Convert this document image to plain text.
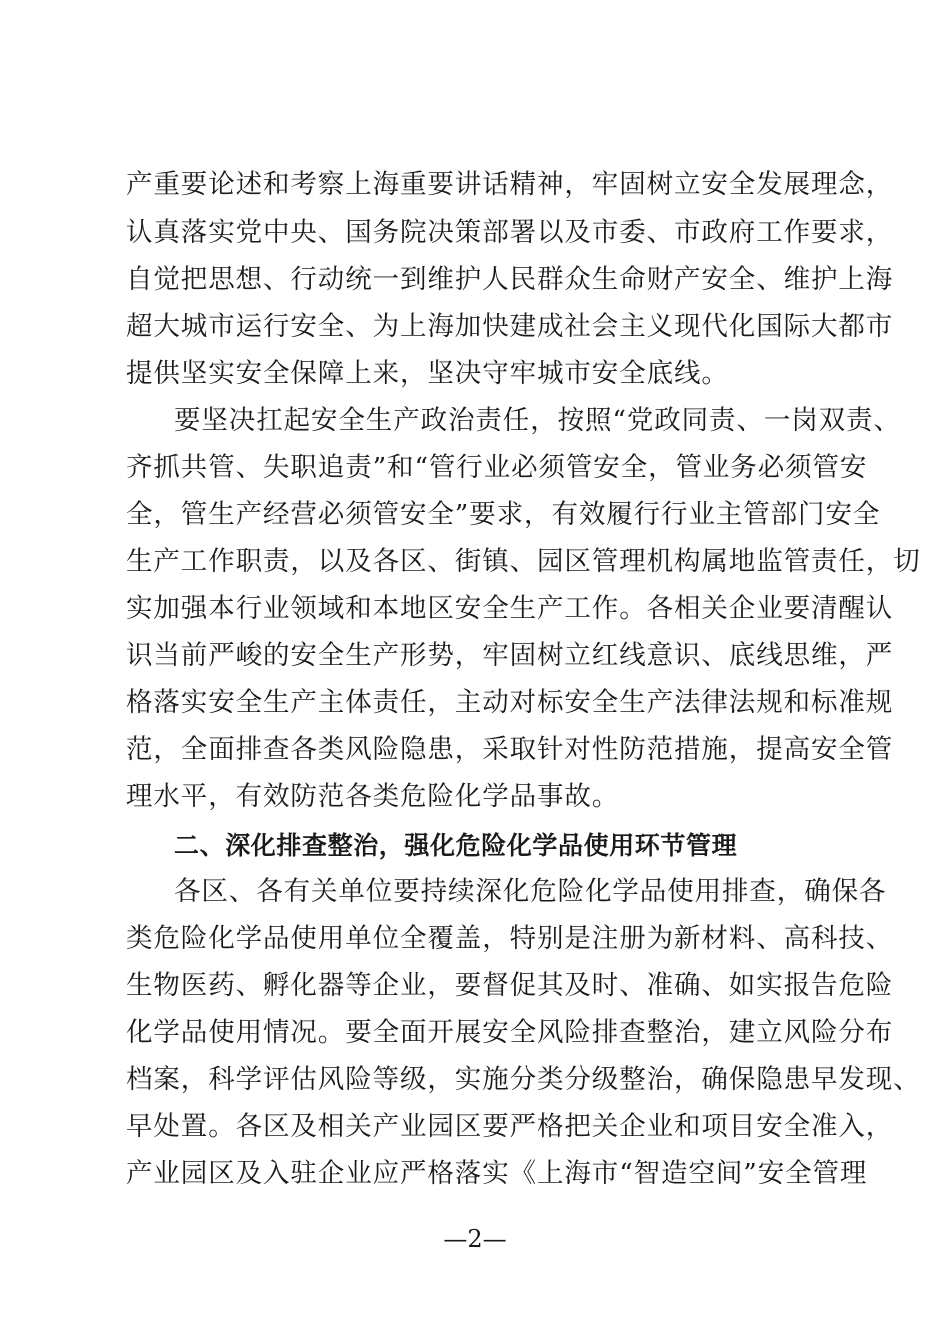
产重要论述和考察上海重要讲话精神，牢固树立安全发展理念，
认真落实党中央、国务院决策部署以及市委、市政府工作要求，
自觉把思想、行动统一到维护人民群众生命财产安全、维护上海
超大城市运行安全、为上海加快建成社会主义现代化国际大都市
提供坚实安全保障上来，坚决守牢城市安全底线。
要坚决扛起安全生产政治责任，按照“党政同责、一岗双责、
齐抓共管、失职追责”和“管行业必须管安全，管业务必须管安
全，管生产经营必须管安全”要求，有效履行行业主管部门安全
生产工作职责，以及各区、街镇、园区管理机构属地监管责任，切
实加强本行业领域和本地区安全生产工作。各相关企业要清醒认
识当前严峻的安全生产形势，牢固树立红线意识、底线思维，严
格落实安全生产主体责任，主动对标安全生产法律法规和标准规
范，全面排查各类风险隐患，采取针对性防范措施，提高安全管
理水平，有效防范各类危险化学品事故。
二、深化排查整治，强化危险化学品使用环节管理
各区、各有关单位要持续深化危险化学品使用排查，确保各
类危险化学品使用单位全覆盖，特别是注册为新材料、高科技、
生物医药、孵化器等企业，要督促其及时、准确、如实报告危险
化学品使用情况。要全面开展安全风险排查整治，建立风险分布
档案，科学评估风险等级，实施分类分级整治，确保隐患早发现、
早处置。各区及相关产业园区要严格把关企业和项目安全准入，
产业园区及入驻企业应严格落实《上海市“智造空间”安全管理
—2—
